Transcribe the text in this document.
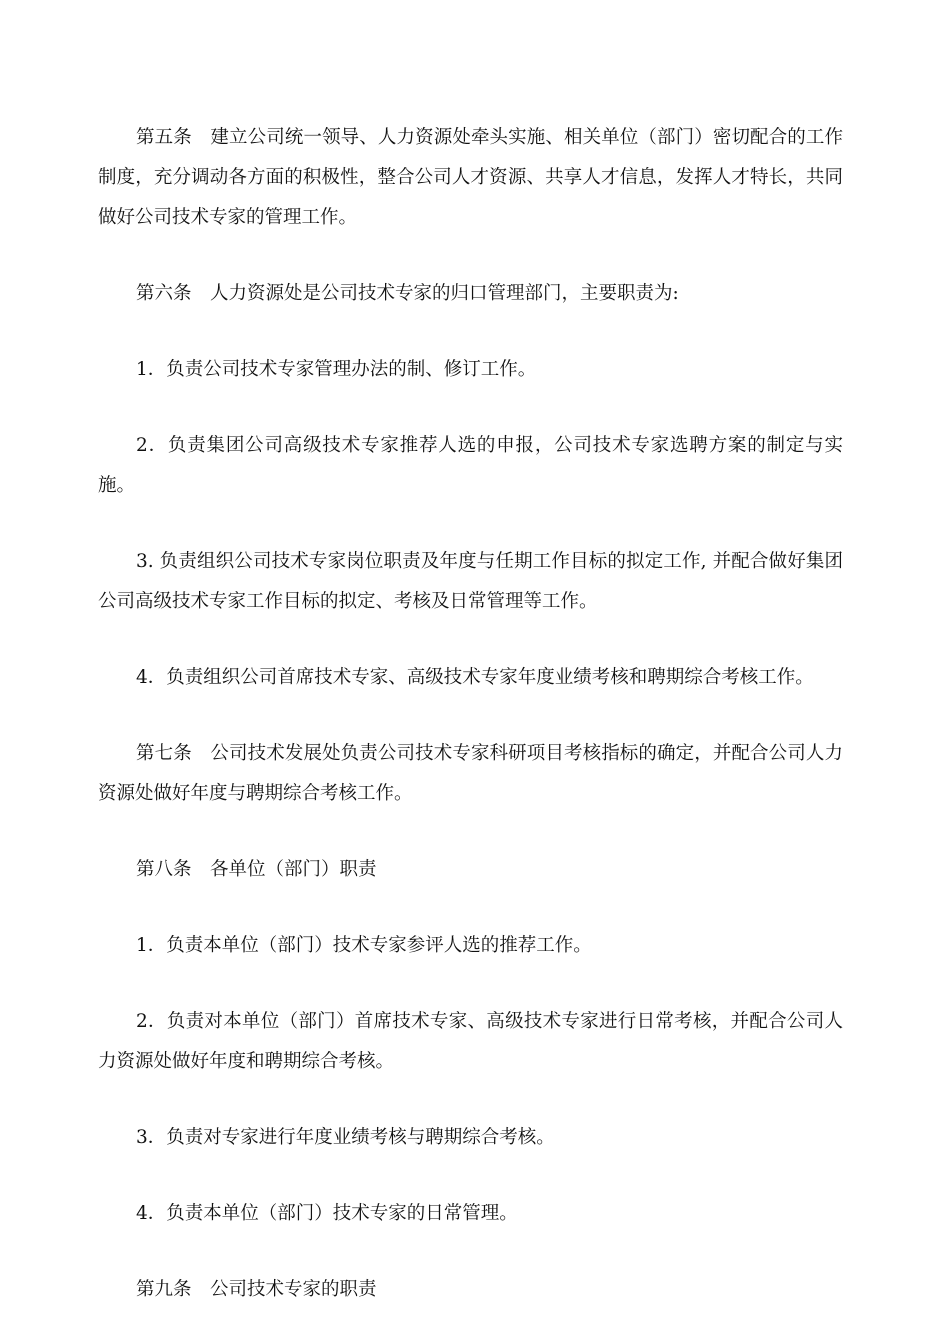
第五条　建立公司统一领导、人力资源处牵头实施、相关单位（部门）密切配合的工作制度，充分调动各方面的积极性，整合公司人才资源、共享人才信息，发挥人才特长，共同做好公司技术专家的管理工作。

第六条　人力资源处是公司技术专家的归口管理部门，主要职责为:

1．负责公司技术专家管理办法的制、修订工作。

2．负责集团公司高级技术专家推荐人选的申报，公司技术专家选聘方案的制定与实施。

3. 负责组织公司技术专家岗位职责及年度与任期工作目标的拟定工作, 并配合做好集团公司高级技术专家工作目标的拟定、考核及日常管理等工作。

4．负责组织公司首席技术专家、高级技术专家年度业绩考核和聘期综合考核工作。

第七条　公司技术发展处负责公司技术专家科研项目考核指标的确定，并配合公司人力资源处做好年度与聘期综合考核工作。

第八条　各单位（部门）职责

1．负责本单位（部门）技术专家参评人选的推荐工作。

2．负责对本单位（部门）首席技术专家、高级技术专家进行日常考核，并配合公司人力资源处做好年度和聘期综合考核。

3．负责对专家进行年度业绩考核与聘期综合考核。

4．负责本单位（部门）技术专家的日常管理。

第九条　公司技术专家的职责
